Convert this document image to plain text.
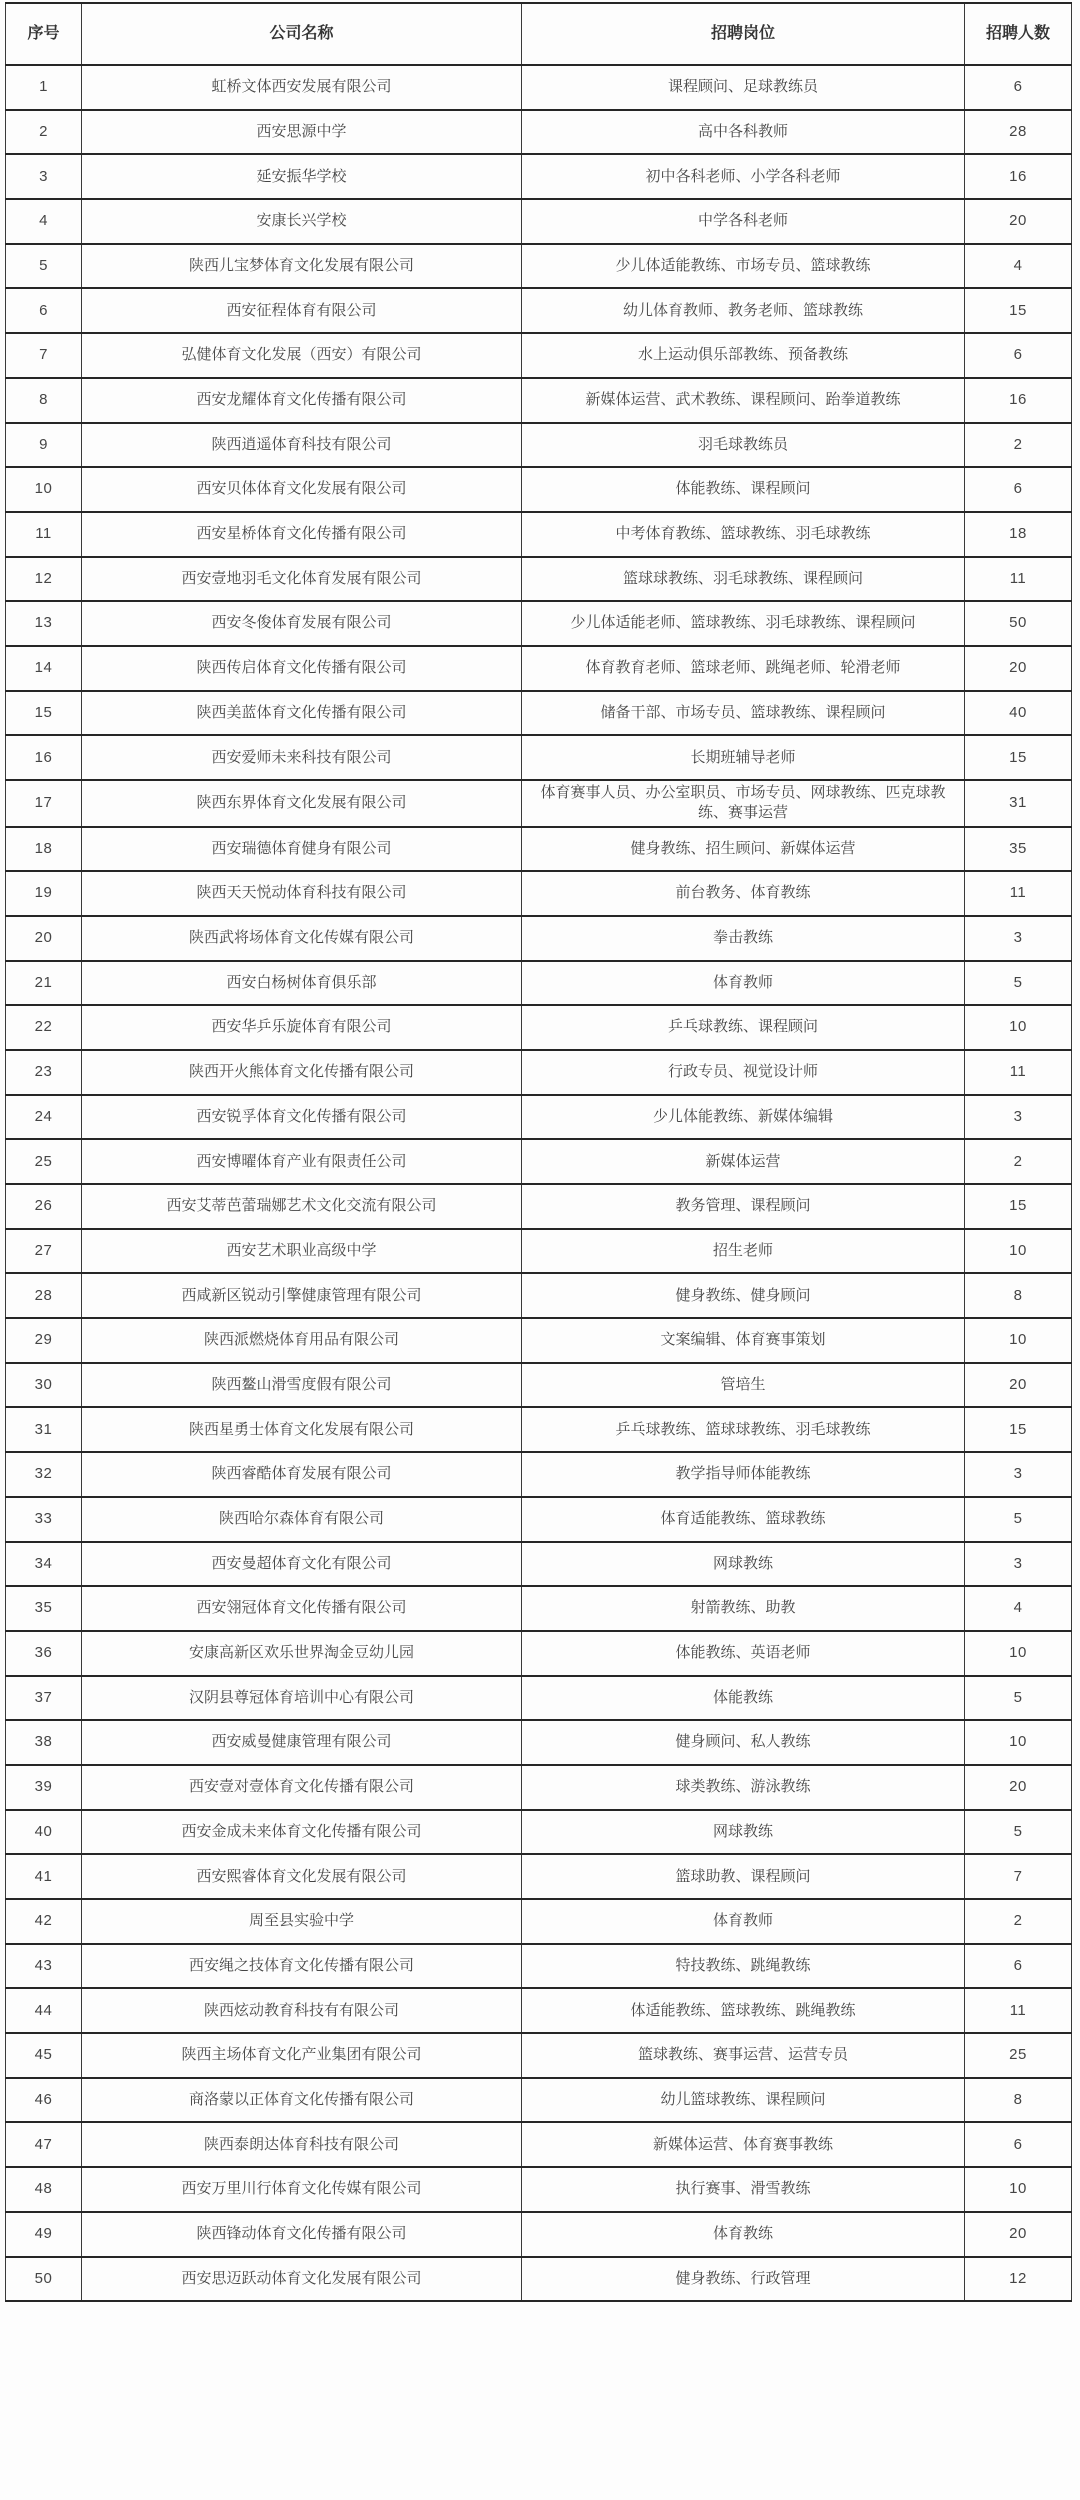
序号	公司名称	招聘岗位	招聘人数
1	虹桥文体西安发展有限公司	课程顾问、足球教练员	6
2	西安思源中学	高中各科教师	28
3	延安振华学校	初中各科老师、小学各科老师	16
4	安康长兴学校	中学各科老师	20
5	陕西儿宝梦体育文化发展有限公司	少儿体适能教练、市场专员、篮球教练	4
6	西安征程体育有限公司	幼儿体育教师、教务老师、篮球教练	15
7	弘健体育文化发展（西安）有限公司	水上运动俱乐部教练、预备教练	6
8	西安龙耀体育文化传播有限公司	新媒体运营、武术教练、课程顾问、跆拳道教练	16
9	陕西逍遥体育科技有限公司	羽毛球教练员	2
10	西安贝体体育文化发展有限公司	体能教练、课程顾问	6
11	西安星桥体育文化传播有限公司	中考体育教练、篮球教练、羽毛球教练	18
12	西安壹地羽毛文化体育发展有限公司	篮球球教练、羽毛球教练、课程顾问	11
13	西安冬俊体育发展有限公司	少儿体适能老师、篮球教练、羽毛球教练、课程顾问	50
14	陕西传启体育文化传播有限公司	体育教育老师、篮球老师、跳绳老师、轮滑老师	20
15	陕西美蓝体育文化传播有限公司	储备干部、市场专员、篮球教练、课程顾问	40
16	西安爱师未来科技有限公司	长期班辅导老师	15
17	陕西东界体育文化发展有限公司	体育赛事人员、办公室职员、市场专员、网球教练、匹克球教练、赛事运营	31
18	西安瑞德体育健身有限公司	健身教练、招生顾问、新媒体运营	35
19	陕西天天悦动体育科技有限公司	前台教务、体育教练	11
20	陕西武将场体育文化传媒有限公司	拳击教练	3
21	西安白杨树体育俱乐部	体育教师	5
22	西安华乒乐旋体育有限公司	乒乓球教练、课程顾问	10
23	陕西开火熊体育文化传播有限公司	行政专员、视觉设计师	11
24	西安锐孚体育文化传播有限公司	少儿体能教练、新媒体编辑	3
25	西安博曜体育产业有限责任公司	新媒体运营	2
26	西安艾蒂芭蕾瑞娜艺术文化交流有限公司	教务管理、课程顾问	15
27	西安艺术职业高级中学	招生老师	10
28	西咸新区锐动引擎健康管理有限公司	健身教练、健身顾问	8
29	陕西派燃烧体育用品有限公司	文案编辑、体育赛事策划	10
30	陕西鳌山滑雪度假有限公司	管培生	20
31	陕西星勇士体育文化发展有限公司	乒乓球教练、篮球球教练、羽毛球教练	15
32	陕西睿酷体育发展有限公司	教学指导师体能教练	3
33	陕西哈尔森体育有限公司	体育适能教练、篮球教练	5
34	西安曼超体育文化有限公司	网球教练	3
35	西安翎冠体育文化传播有限公司	射箭教练、助教	4
36	安康高新区欢乐世界淘金豆幼儿园	体能教练、英语老师	10
37	汉阴县尊冠体育培训中心有限公司	体能教练	5
38	西安威曼健康管理有限公司	健身顾问、私人教练	10
39	西安壹对壹体育文化传播有限公司	球类教练、游泳教练	20
40	西安金成未来体育文化传播有限公司	网球教练	5
41	西安熙睿体育文化发展有限公司	篮球助教、课程顾问	7
42	周至县实验中学	体育教师	2
43	西安绳之技体育文化传播有限公司	特技教练、跳绳教练	6
44	陕西炫动教育科技有有限公司	体适能教练、篮球教练、跳绳教练	11
45	陕西主场体育文化产业集团有限公司	篮球教练、赛事运营、运营专员	25
46	商洛蒙以正体育文化传播有限公司	幼儿篮球教练、课程顾问	8
47	陕西泰朗达体育科技有限公司	新媒体运营、体育赛事教练	6
48	西安万里川行体育文化传媒有限公司	执行赛事、滑雪教练	10
49	陕西锋动体育文化传播有限公司	体育教练	20
50	西安思迈跃动体育文化发展有限公司	健身教练、行政管理	12
